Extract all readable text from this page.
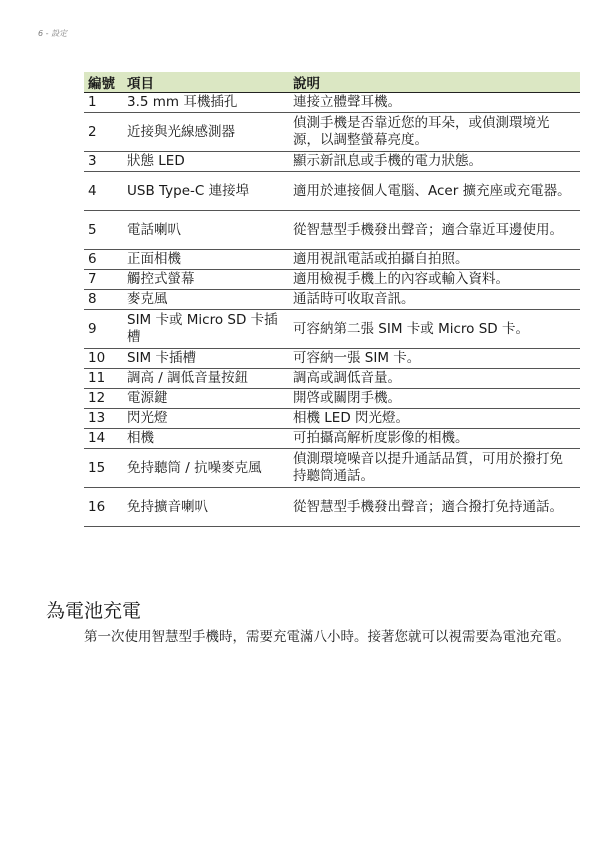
6 - 設定
編號	項目	說明
1	3.5 mm 耳機插孔	連接立體聲耳機。
2	近接與光線感測器	偵測手機是否靠近您的耳朵，或偵測環境光源，以調整螢幕亮度。
3	狀態 LED	顯示新訊息或手機的電力狀態。
4	USB Type-C 連接埠	適用於連接個人電腦、Acer 擴充座或充電器。
5	電話喇叭	從智慧型手機發出聲音；適合靠近耳邊使用。
6	正面相機	適用視訊電話或拍攝自拍照。
7	觸控式螢幕	適用檢視手機上的內容或輸入資料。
8	麥克風	通話時可收取音訊。
9	SIM 卡或 Micro SD 卡插槽	可容納第二張 SIM 卡或 Micro SD 卡。
10	SIM 卡插槽	可容納一張 SIM 卡。
11	調高 / 調低音量按鈕	調高或調低音量。
12	電源鍵	開啓或關閉手機。
13	閃光燈	相機 LED 閃光燈。
14	相機	可拍攝高解析度影像的相機。
15	免持聽筒 / 抗噪麥克風	偵測環境噪音以提升通話品質，可用於撥打免持聽筒通話。
16	免持擴音喇叭	從智慧型手機發出聲音；適合撥打免持通話。
為電池充電

第一次使用智慧型手機時，需要充電滿八小時。接著您就可以視需要為電池充電。
